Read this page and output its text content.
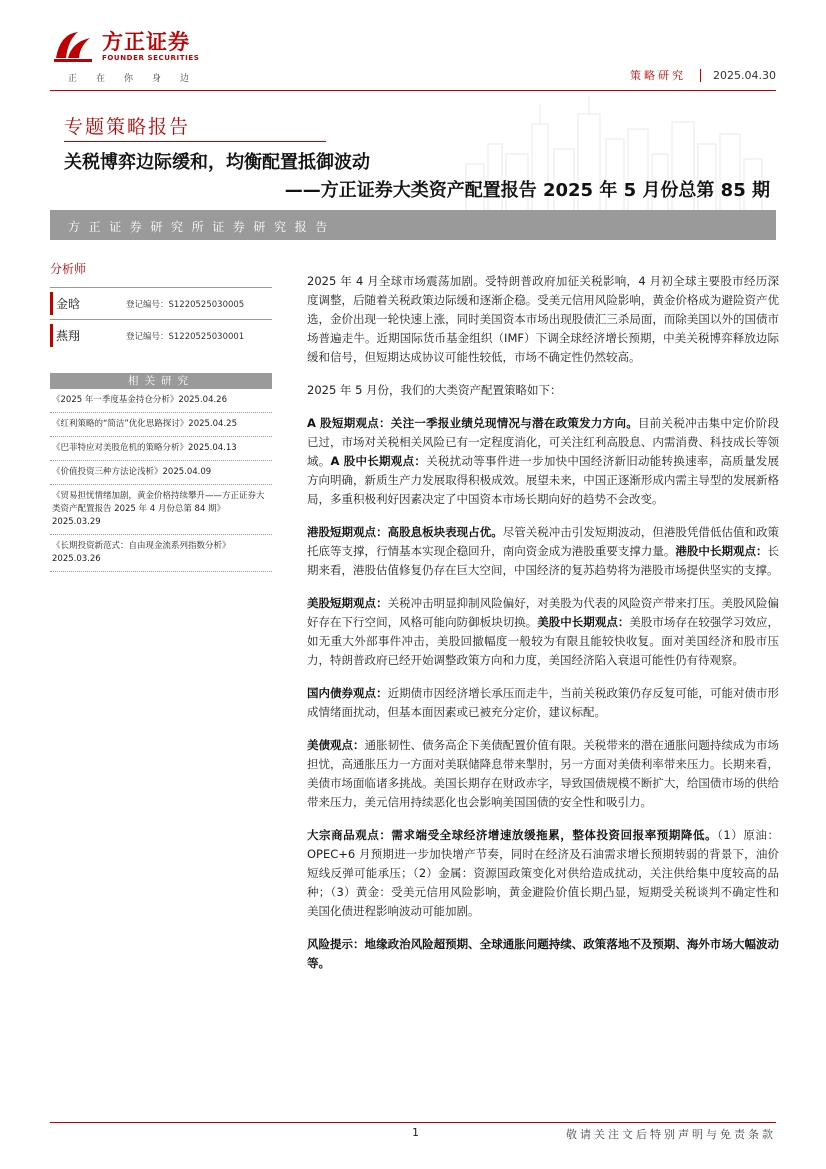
方正证券
FOUNDER SECURITIES
正在你身边	策略研究 2025.04.30
专题策略报告
关税博弈边际缓和，均衡配置抵御波动
——方正证券大类资产配置报告 2025 年 5 月份总第 85 期
方正证券研究所证券研究报告
分析师
金晗	登记编号：S1220525030005
燕翔	登记编号：S1220525030001
相关研究
《2025 年一季度基金持仓分析》2025.04.26
《红利策略的“简洁”优化思路探讨》2025.04.25
《巴菲特应对美股危机的策略分析》2025.04.13
《价值投资三种方法论浅析》2025.04.09
《贸易担忧情绪加剧，黄金价格持续攀升——方正证券大类资产配置报告 2025 年 4 月份总第 84 期》2025.03.29
《长期投资新范式：自由现金流系列指数分析》2025.03.26

2025 年 4 月全球市场震荡加剧。受特朗普政府加征关税影响，4 月初全球主要股市经历深度调整，后随着关税政策边际缓和逐渐企稳。受美元信用风险影响，黄金价格成为避险资产优选，金价出现一轮快速上涨，同时美国资本市场出现股债汇三杀局面，而除美国以外的国债市场普遍走牛。近期国际货币基金组织（IMF）下调全球经济增长预期，中美关税博弈释放边际缓和信号，但短期达成协议可能性较低，市场不确定性仍然较高。

2025 年 5 月份，我们的大类资产配置策略如下：

A 股短期观点：关注一季报业绩兑现情况与潜在政策发力方向。目前关税冲击集中定价阶段已过，市场对关税相关风险已有一定程度消化，可关注红利高股息、内需消费、科技成长等领域。A 股中长期观点：关税扰动等事件进一步加快中国经济新旧动能转换速率，高质量发展方向明确，新质生产力发展取得积极成效。展望未来，中国正逐渐形成内需主导型的发展新格局，多重积极利好因素决定了中国资本市场长期向好的趋势不会改变。

港股短期观点：高股息板块表现占优。尽管关税冲击引发短期波动，但港股凭借低估值和政策托底等支撑，行情基本实现企稳回升，南向资金成为港股重要支撑力量。港股中长期观点：长期来看，港股估值修复仍存在巨大空间，中国经济的复苏趋势将为港股市场提供坚实的支撑。

美股短期观点：关税冲击明显抑制风险偏好，对美股为代表的风险资产带来打压。美股风险偏好存在下行空间，风格可能向防御板块切换。美股中长期观点：美股市场存在较强学习效应，如无重大外部事件冲击，美股回撤幅度一般较为有限且能较快收复。面对美国经济和股市压力，特朗普政府已经开始调整政策方向和力度，美国经济陷入衰退可能性仍有待观察。

国内债券观点：近期债市因经济增长承压而走牛，当前关税政策仍存反复可能，可能对债市形成情绪面扰动，但基本面因素或已被充分定价，建议标配。

美债观点：通胀韧性、债务高企下美债配置价值有限。关税带来的潜在通胀问题持续成为市场担忧，高通胀压力一方面对美联储降息带来掣肘，另一方面对美债利率带来压力。长期来看，美债市场面临诸多挑战。美国长期存在财政赤字，导致国债规模不断扩大，给国债市场的供给带来压力，美元信用持续恶化也会影响美国国债的安全性和吸引力。

大宗商品观点：需求端受全球经济增速放缓拖累，整体投资回报率预期降低。（1）原油：OPEC+6 月预期进一步加快增产节奏，同时在经济及石油需求增长预期转弱的背景下，油价短线反弹可能承压；（2）金属：资源国政策变化对供给造成扰动，关注供给集中度较高的品种；（3）黄金：受美元信用风险影响，黄金避险价值长期凸显，短期受关税谈判不确定性和美国化债进程影响波动可能加剧。

风险提示：地缘政治风险超预期、全球通胀问题持续、政策落地不及预期、海外市场大幅波动等。

1	敬请关注文后特别声明与免责条款
